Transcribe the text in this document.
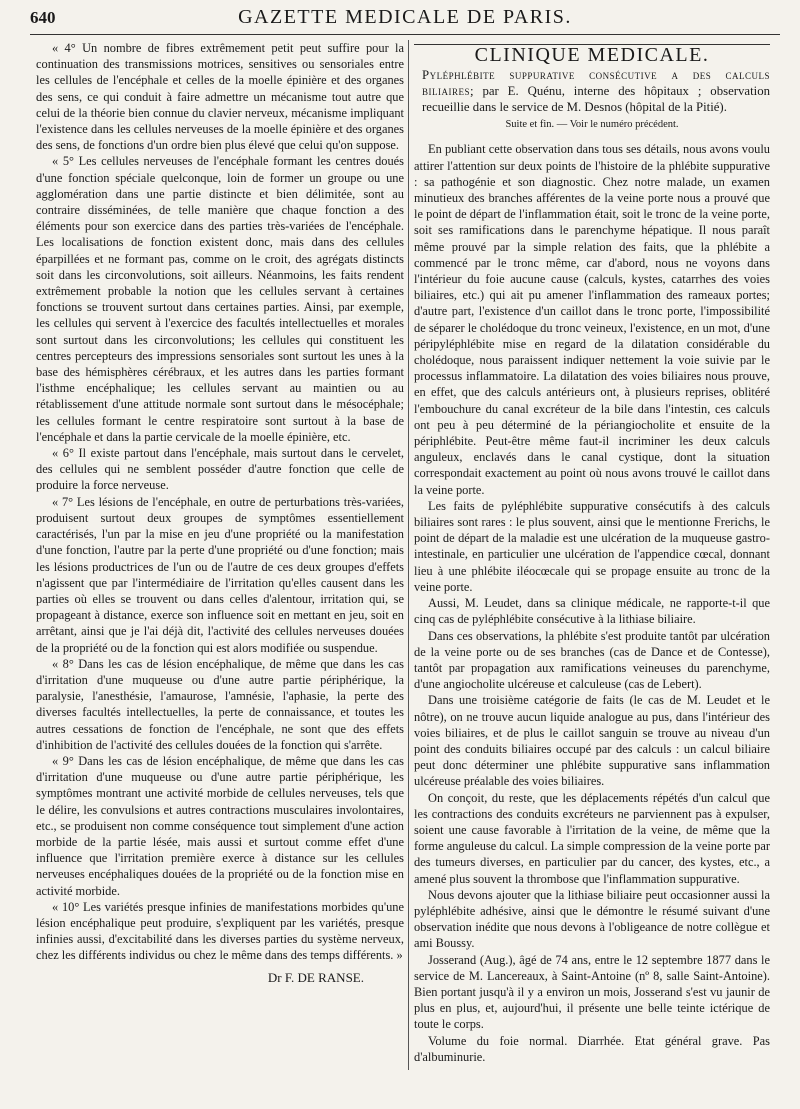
640	GAZETTE MEDICALE DE PARIS.

« 4° Un nombre de fibres extrêmement petit peut suffire pour la continuation des transmissions motrices, sensitives ou sensoriales entre les cellules de l'encéphale et celles de la moelle épinière et des organes des sens, ce qui conduit à faire admettre un mécanisme tout autre que celui de la théorie bien connue du clavier nerveux, mécanisme impliquant l'existence dans les cellules nerveuses de la moelle épinière et des organes des sens, de fonctions d'un ordre bien plus élevé que celui qu'on suppose.

« 5° Les cellules nerveuses de l'encéphale formant les centres doués d'une fonction spéciale quelconque, loin de former un groupe ou une agglomération dans une partie distincte et bien délimitée, sont au contraire disséminées, de telle manière que chaque fonction a des éléments pour son exercice dans des parties très-variées de l'encéphale. Les localisations de fonction existent donc, mais dans des cellules éparpillées et ne formant pas, comme on le croit, des agrégats distincts soit dans les circonvolutions, soit ailleurs. Néanmoins, les faits rendent extrêmement probable la notion que les cellules servant à certaines fonctions se trouvent surtout dans certaines parties. Ainsi, par exemple, les cellules qui servent à l'exercice des facultés intellectuelles et morales sont surtout dans les circonvolutions; les cellules qui constituent les centres percepteurs des impressions sensoriales sont surtout les unes à la base des hémisphères cérébraux, et les autres dans les parties formant l'isthme encéphalique; les cellules servant au maintien ou au rétablissement d'une attitude normale sont surtout dans le mésocéphale; les cellules formant le centre respiratoire sont surtout à la base de l'encéphale et dans la partie cervicale de la moelle épinière, etc.

« 6° Il existe partout dans l'encéphale, mais surtout dans le cervelet, des cellules qui ne semblent posséder d'autre fonction que celle de produire la force nerveuse.

« 7° Les lésions de l'encéphale, en outre de perturbations très-variées, produisent surtout deux groupes de symptômes essentiellement caractérisés, l'un par la mise en jeu d'une propriété ou la manifestation d'une fonction, l'autre par la perte d'une propriété ou d'une fonction; mais les lésions productrices de l'un ou de l'autre de ces deux groupes d'effets n'agissent que par l'intermédiaire de l'irritation qu'elles causent dans les parties où elles se trouvent ou dans celles d'alentour, irritation qui, se propageant à distance, exerce son influence soit en mettant en jeu, soit en arrêtant, ainsi que je l'ai déjà dit, l'activité des cellules nerveuses douées de la propriété ou de la fonction qui est alors modifiée ou suspendue.

« 8° Dans les cas de lésion encéphalique, de même que dans les cas d'irritation d'une muqueuse ou d'une autre partie périphérique, la paralysie, l'anesthésie, l'amaurose, l'amnésie, l'aphasie, la perte des diverses facultés intellectuelles, la perte de connaissance, et toutes les autres cessations de fonction de l'encéphale, ne sont que des effets d'inhibition de l'activité des cellules douées de la fonction qui s'arrête.

« 9° Dans les cas de lésion encéphalique, de même que dans les cas d'irritation d'une muqueuse ou d'une autre partie périphérique, les symptômes montrant une activité morbide de cellules nerveuses, tels que le délire, les convulsions et autres contractions musculaires involontaires, etc., se produisent non comme conséquence tout simplement d'une action morbide de la partie lésée, mais aussi et surtout comme effet d'une influence que l'irritation première exerce à distance sur les cellules nerveuses encéphaliques douées de la propriété ou de la fonction mise en activité morbide.

« 10° Les variétés presque infinies de manifestations morbides qu'une lésion encéphalique peut produire, s'expliquent par les variétés, presque infinies aussi, d'excitabilité dans les diverses parties du système nerveux, chez les différents individus ou chez le même dans des temps différents. »

Dr F. DE RANSE.
CLINIQUE MEDICALE.

Pyléphlébite suppurative consécutive a des calculs biliaires; par E. Quénu, interne des hôpitaux ; observation recueillie dans le service de M. Desnos (hôpital de la Pitié).

Suite et fin. — Voir le numéro précédent.

En publiant cette observation dans tous ses détails, nous avons voulu attirer l'attention sur deux points de l'histoire de la phlébite suppurative : sa pathogénie et son diagnostic. Chez notre malade, un examen minutieux des branches afférentes de la veine porte nous a prouvé que le point de départ de l'inflammation était, soit le tronc de la veine porte, soit ses ramifications dans le parenchyme hépatique. Il nous paraît même prouvé par la simple relation des faits, que la phlébite a commencé par le tronc même, car d'abord, nous ne voyons dans l'intérieur du foie aucune cause (calculs, kystes, catarrhes des voies biliaires, etc.) qui ait pu amener l'inflammation des rameaux portes; d'autre part, l'existence d'un caillot dans le tronc porte, l'impossibilité de séparer le cholédoque du tronc veineux, l'existence, en un mot, d'une péripyléphlébite mise en regard de la dilatation considérable du cholédoque, nous paraissent indiquer nettement la voie suivie par le processus inflammatoire. La dilatation des voies biliaires nous prouve, en effet, que des calculs antérieurs ont, à plusieurs reprises, oblitéré l'embouchure du canal excréteur de la bile dans l'intestin, ces calculs ont peu à peu déterminé de la périangiocholite et ensuite de la périphlébite. Peut-être même faut-il incriminer les deux calculs anguleux, enclavés dans le canal cystique, dont la situation correspondait exactement au point où nous avons trouvé le caillot dans la veine porte.

Les faits de pyléphlébite suppurative consécutifs à des calculs biliaires sont rares : le plus souvent, ainsi que le mentionne Frerichs, le point de départ de la maladie est une ulcération de la muqueuse gastro-intestinale, en particulier une ulcération de l'appendice cœcal, donnant lieu à une phlébite iléocœcale qui se propage ensuite au tronc de la veine porte.

Aussi, M. Leudet, dans sa clinique médicale, ne rapporte-t-il que cinq cas de pyléphlébite consécutive à la lithiase biliaire.

Dans ces observations, la phlébite s'est produite tantôt par ulcération de la veine porte ou de ses branches (cas de Dance et de Contesse), tantôt par propagation aux ramifications veineuses du parenchyme, d'une angiocholite ulcéreuse et calculeuse (cas de Lebert).

Dans une troisième catégorie de faits (le cas de M. Leudet et le nôtre), on ne trouve aucun liquide analogue au pus, dans l'intérieur des voies biliaires, et de plus le caillot sanguin se trouve au niveau d'un point des conduits biliaires occupé par des calculs : un calcul biliaire peut donc déterminer une phlébite suppurative sans inflammation ulcéreuse préalable des voies biliaires.

On conçoit, du reste, que les déplacements répétés d'un calcul que les contractions des conduits excréteurs ne parviennent pas à expulser, soient une cause favorable à l'irritation de la veine, de même que la forme anguleuse du calcul. La simple compression de la veine porte par des tumeurs diverses, en particulier par du cancer, des kystes, etc., a amené plus souvent la thrombose que l'inflammation suppurative.

Nous devons ajouter que la lithiase biliaire peut occasionner aussi la pyléphlébite adhésive, ainsi que le démontre le résumé suivant d'une observation inédite que nous devons à l'obligeance de notre collègue et ami Boussy.

Josserand (Aug.), âgé de 74 ans, entre le 12 septembre 1877 dans le service de M. Lancereaux, à Saint-Antoine (nº 8, salle Saint-Antoine). Bien portant jusqu'à il y a environ un mois, Josserand s'est vu jaunir de plus en plus, et, aujourd'hui, il présente une belle teinte ictérique de toute le corps.

Volume du foie normal. Diarrhée. Etat général grave. Pas d'albuminurie.
